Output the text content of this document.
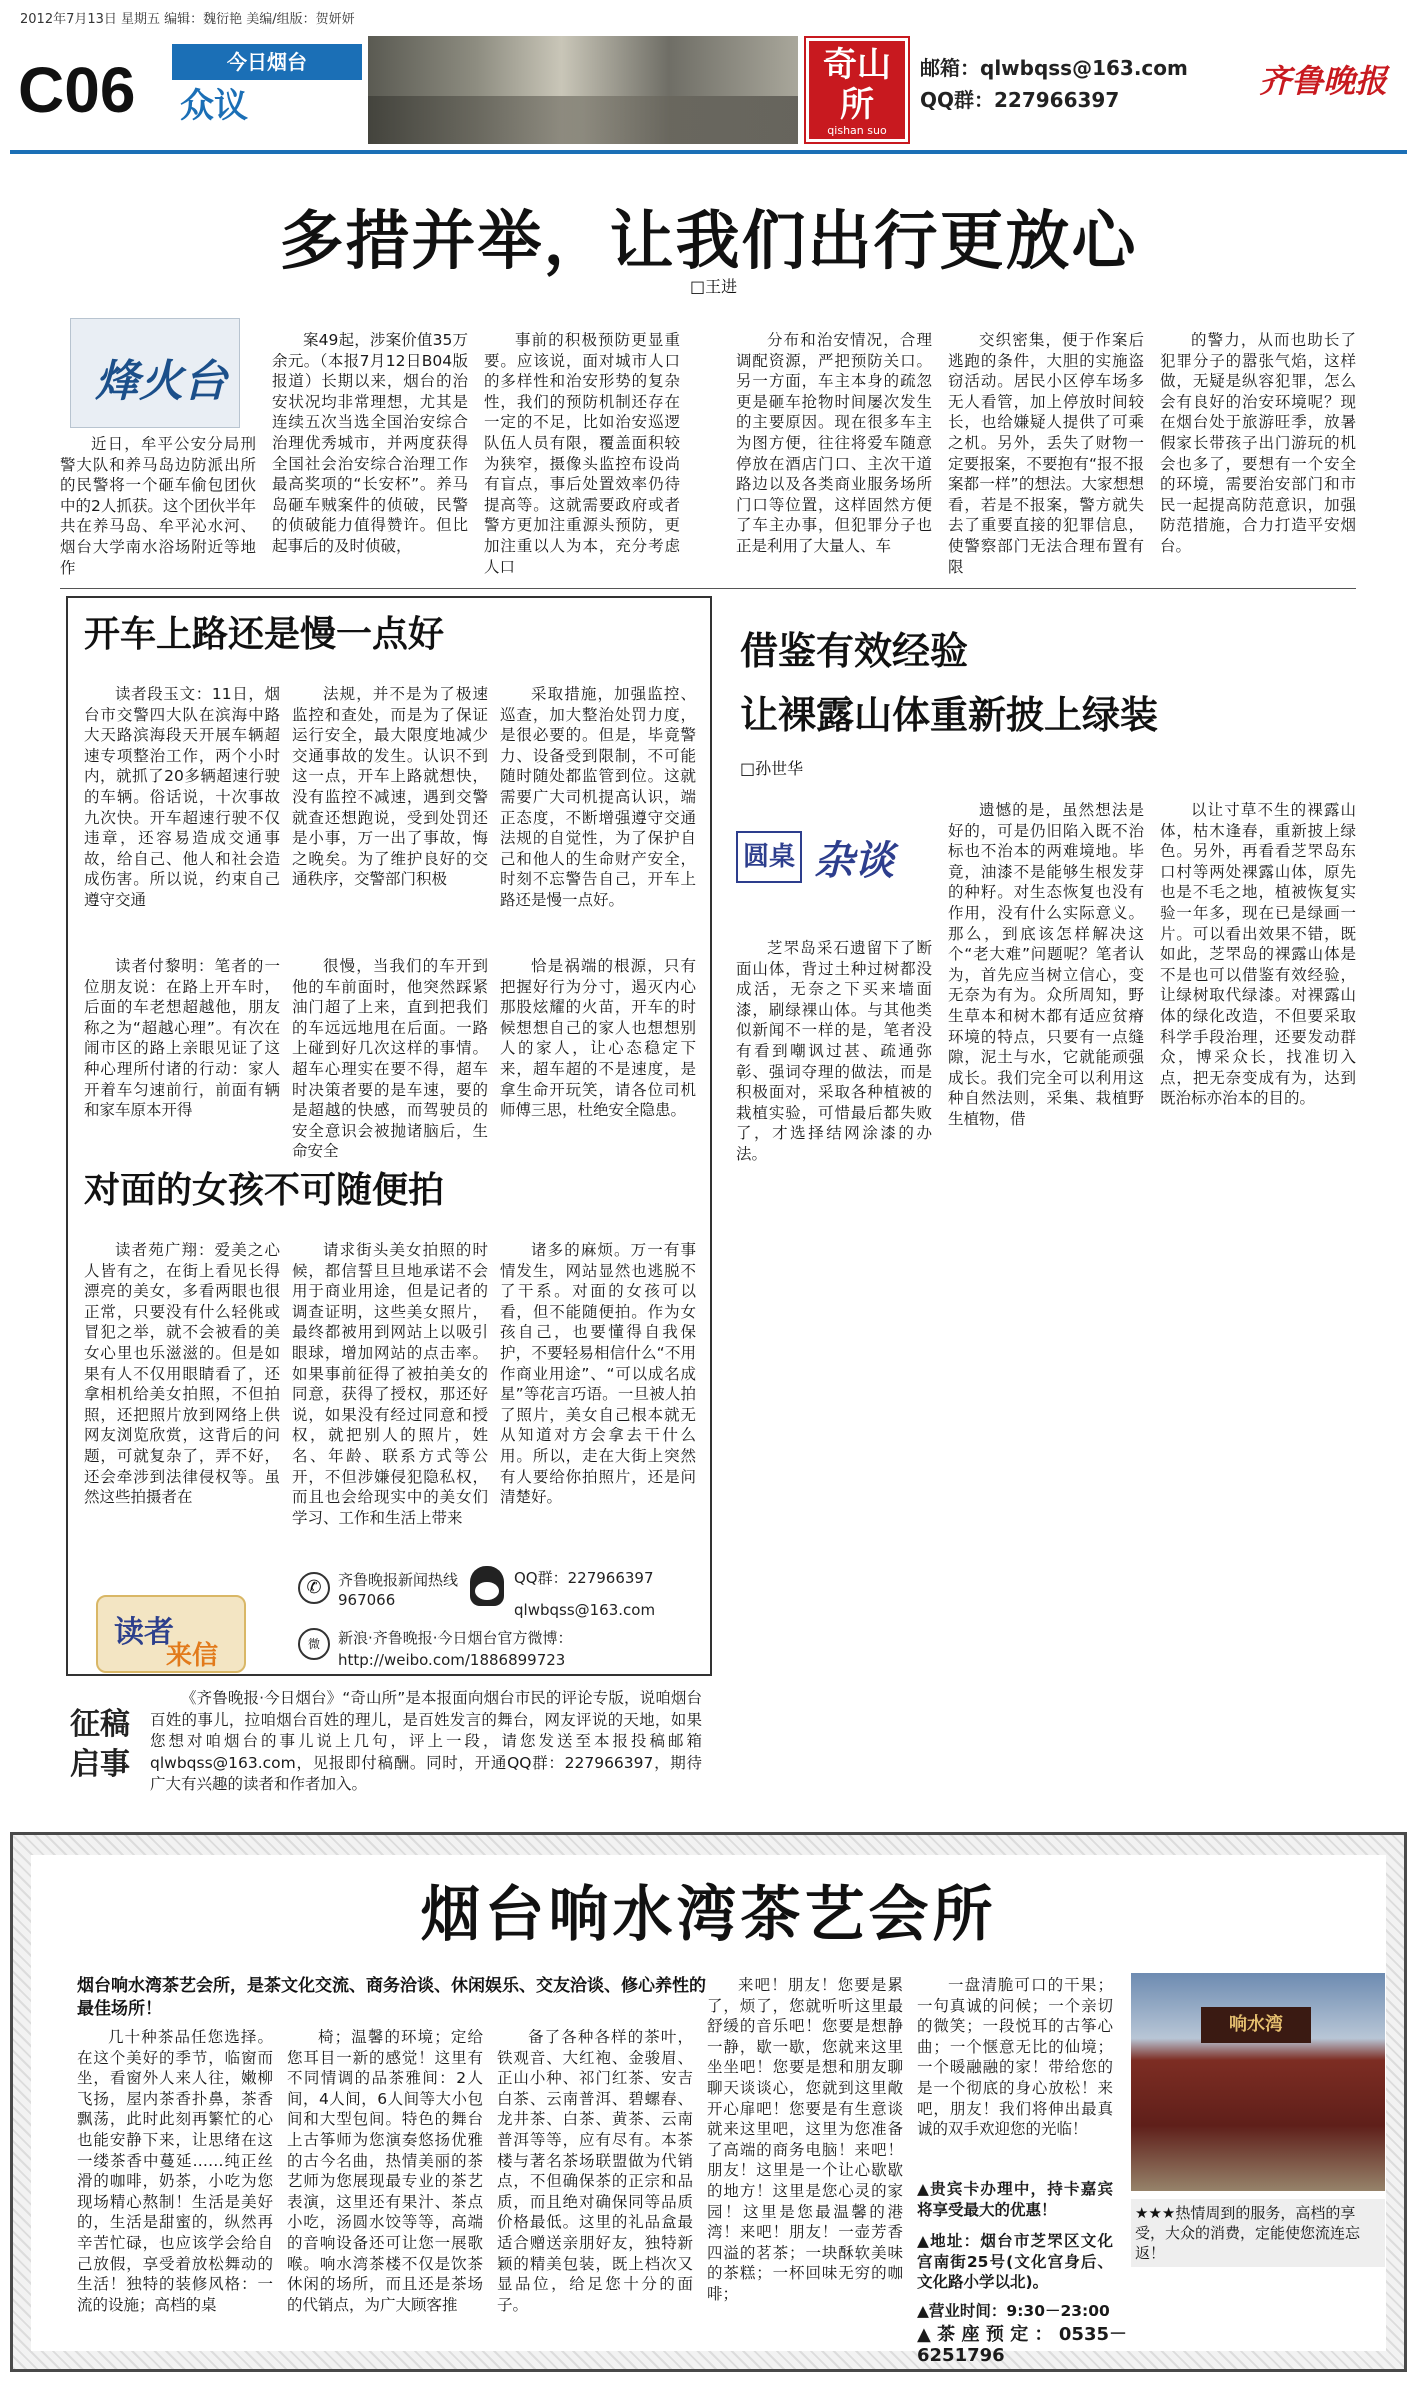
2012年7月13日 星期五 编辑：魏衍艳 美编/组版：贺妍妍
C06	今日烟台
众议
奇山所
qishan suo
邮箱：qlwbqss@163.com
QQ群：227966397	齐鲁晚报
多措并举，让我们出行更放心
□王进
烽火台

近日，牟平公安分局刑警大队和养马岛边防派出所的民警将一个砸车偷包团伙中的2人抓获。这个团伙半年共在养马岛、牟平沁水河、烟台大学南水浴场附近等地作

案49起，涉案价值35万余元。（本报7月12日B04版报道）长期以来，烟台的治安状况均非常理想，尤其是连续五次当选全国治安综合治理优秀城市，并两度获得全国社会治安综合治理工作最高奖项的“长安杯”。养马岛砸车贼案件的侦破，民警的侦破能力值得赞许。但比起事后的及时侦破，

事前的积极预防更显重要。应该说，面对城市人口的多样性和治安形势的复杂性，我们的预防机制还存在一定的不足，比如治安巡逻队伍人员有限，覆盖面积较为狭窄，摄像头监控布设尚有盲点，事后处置效率仍待提高等。这就需要政府或者警方更加注重源头预防，更加注重以人为本，充分考虑人口

分布和治安情况，合理调配资源，严把预防关口。另一方面，车主本身的疏忽更是砸车抢物时间屡次发生的主要原因。现在很多车主为图方便，往往将爱车随意停放在酒店门口、主次干道路边以及各类商业服务场所门口等位置，这样固然方便了车主办事，但犯罪分子也正是利用了大量人、车

交织密集，便于作案后逃跑的条件，大胆的实施盗窃活动。居民小区停车场多无人看管，加上停放时间较长，也给嫌疑人提供了可乘之机。另外，丢失了财物一定要报案，不要抱有“报不报案都一样”的想法。大家想想看，若是不报案，警方就失去了重要直接的犯罪信息，使警察部门无法合理布置有限

的警力，从而也助长了犯罪分子的嚣张气焰，这样做，无疑是纵容犯罪，怎么会有良好的治安环境呢？现在烟台处于旅游旺季，放暑假家长带孩子出门游玩的机会也多了，要想有一个安全的环境，需要治安部门和市民一起提高防范意识，加强防范措施，合力打造平安烟台。

开车上路还是慢一点好

读者段玉文：11日，烟台市交警四大队在滨海中路大天路滨海段天开展车辆超速专项整治工作，两个小时内，就抓了20多辆超速行驶的车辆。俗话说，十次事故九次快。开车超速行驶不仅违章，还容易造成交通事故，给自己、他人和社会造成伤害。所以说，约束自己遵守交通

法规，并不是为了极速监控和查处，而是为了保证运行安全，最大限度地减少交通事故的发生。认识不到这一点，开车上路就想快，没有监控不减速，遇到交警就查还想跑说，受到处罚还是小事，万一出了事故，悔之晚矣。为了维护良好的交通秩序，交警部门积极

采取措施，加强监控、巡查，加大整治处罚力度，是很必要的。但是，毕竟警力、设备受到限制，不可能随时随处都监管到位。这就需要广大司机提高认识，端正态度，不断增强遵守交通法规的自觉性，为了保护自己和他人的生命财产安全，时刻不忘警告自己，开车上路还是慢一点好。

读者付黎明：笔者的一位朋友说：在路上开车时，后面的车老想超越他，朋友称之为“超越心理”。有次在闹市区的路上亲眼见证了这种心理所付诸的行动：家人开着车匀速前行，前面有辆和家车原本开得

很慢，当我们的车开到他的车前面时，他突然踩紧油门超了上来，直到把我们的车远远地甩在后面。一路上碰到好几次这样的事情。超车心理实在要不得，超车时决策者要的是车速，要的是超越的快感，而驾驶员的安全意识会被抛诸脑后，生命安全

恰是祸端的根源，只有把握好行为分寸，遏灭内心那股炫耀的火苗，开车的时候想想自己的家人也想想别人的家人，让心态稳定下来，超车超的不是速度，是拿生命开玩笑，请各位司机师傅三思，杜绝安全隐患。

对面的女孩不可随便拍

读者苑广翔：爱美之心人皆有之，在街上看见长得漂亮的美女，多看两眼也很正常，只要没有什么轻佻或冒犯之举，就不会被看的美女心里也乐滋滋的。但是如果有人不仅用眼睛看了，还拿相机给美女拍照，不但拍照，还把照片放到网络上供网友浏览欣赏，这背后的问题，可就复杂了，弄不好，还会牵涉到法律侵权等。虽然这些拍摄者在

请求街头美女拍照的时候，都信誓旦旦地承诺不会用于商业用途，但是记者的调查证明，这些美女照片，最终都被用到网站上以吸引眼球，增加网站的点击率。如果事前征得了被拍美女的同意，获得了授权，那还好说，如果没有经过同意和授权，就把别人的照片，姓名、年龄、联系方式等公开，不但涉嫌侵犯隐私权，而且也会给现实中的美女们学习、工作和生活上带来

诸多的麻烦。万一有事情发生，网站显然也逃脱不了干系。对面的女孩可以看，但不能随便拍。作为女孩自己，也要懂得自我保护，不要轻易相信什么“不用作商业用途”、“可以成名成星”等花言巧语。一旦被人拍了照片，美女自己根本就无从知道对方会拿去干什么用。所以，走在大街上突然有人要给你拍照片，还是问清楚好。

读者
来信
✆	齐鲁晚报新闻热线967066
QQ群：227966397
qlwbqss@163.com
微	新浪·齐鲁晚报·今日烟台官方微博：
http://weibo.com/1886899723
征稿启事

《齐鲁晚报·今日烟台》“奇山所”是本报面向烟台市民的评论专版，说咱烟台百姓的事儿，拉咱烟台百姓的理儿，是百姓发言的舞台，网友评说的天地，如果您想对咱烟台的事儿说上几句，评上一段，请您发送至本报投稿邮箱qlwbqss@163.com，见报即付稿酬。同时，开通QQ群：227966397，期待广大有兴趣的读者和作者加入。

借鉴有效经验
让裸露山体重新披上绿装
□孙世华
圆桌 杂谈

芝罘岛采石遗留下了断面山体，背过土种过树都没成活，无奈之下买来墙面漆，刷绿裸山体。与其他类似新闻不一样的是，笔者没有看到嘲讽过甚、疏通弥彰、强词夺理的做法，而是积极面对，采取各种植被的栽植实验，可惜最后都失败了，才选择结网涂漆的办法。

遗憾的是，虽然想法是好的，可是仍旧陷入既不治标也不治本的两难境地。毕竟，油漆不是能够生根发芽的种籽。对生态恢复也没有作用，没有什么实际意义。那么，到底该怎样解决这个“老大难”问题呢？笔者认为，首先应当树立信心，变无奈为有为。众所周知，野生草本和树木都有适应贫瘠环境的特点，只要有一点缝隙，泥土与水，它就能顽强成长。我们完全可以利用这种自然法则，采集、栽植野生植物，借

以让寸草不生的裸露山体，枯木逢春，重新披上绿色。另外，再看看芝罘岛东口村等两处裸露山体，原先也是不毛之地，植被恢复实验一年多，现在已是绿画一片。可以看出效果不错，既如此，芝罘岛的裸露山体是不是也可以借鉴有效经验，让绿树取代绿漆。对裸露山体的绿化改造，不但要采取科学手段治理，还要发动群众，博采众长，找准切入点，把无奈变成有为，达到既治标亦治本的目的。

烟台响水湾茶艺会所
烟台响水湾茶艺会所，是茶文化交流、商务洽谈、休闲娱乐、交友洽谈、修心养性的最佳场所！

几十种茶品任您选择。在这个美好的季节，临窗而坐，看窗外人来人往，嫩柳飞扬，屋内茶香扑鼻，茶香飘荡，此时此刻再繁忙的心也能安静下来，让思绪在这一缕茶香中蔓延……纯正丝滑的咖啡，奶茶，小吃为您现场精心熬制！生活是美好的，生活是甜蜜的，纵然再辛苦忙碌，也应该学会给自己放假，享受着放松舞动的生活！独特的装修风格：一流的设施；高档的桌

椅；温馨的环境；定给您耳目一新的感觉！这里有不同情调的品茶雅间：2人间，4人间，6人间等大小包间和大型包间。特色的舞台上古筝师为您演奏悠扬优雅的古今名曲，热情美丽的茶艺师为您展现最专业的茶艺表演，这里还有果汁、茶点小吃，汤圆水饺等等，高端的音响设备还可让您一展歌喉。响水湾茶楼不仅是饮茶休闲的场所，而且还是茶场的代销点，为广大顾客推

备了各种各样的茶叶，铁观音、大红袍、金骏眉、正山小种、祁门红茶、安吉白茶、云南普洱、碧螺春、龙井茶、白茶、黄茶、云南普洱等等，应有尽有。本茶楼与著名茶场联盟做为代销点，不但确保茶的正宗和品质，而且绝对确保同等品质价格最低。这里的礼品盒最适合赠送亲朋好友，独特新颖的精美包装，既上档次又显品位，给足您十分的面子。

来吧！朋友！您要是累了，烦了，您就听听这里最舒缓的音乐吧！您要是想静一静，歇一歇，您就来这里坐坐吧！您要是想和朋友聊聊天谈谈心，您就到这里敞开心扉吧！您要是有生意谈就来这里吧，这里为您准备了高端的商务电脑！来吧！朋友！这里是一个让心歇歇的地方！这里是您心灵的家园！这里是您最温馨的港湾！来吧！朋友！一壶芳香四溢的茗茶；一块酥软美味的茶糕；一杯回味无穷的咖啡；

一盘清脆可口的干果；一句真诚的问候；一个亲切的微笑；一段悦耳的古筝心曲；一个惬意无比的仙境；一个暖融融的家！带给您的是一个彻底的身心放松！来吧，朋友！我们将伸出最真诚的双手欢迎您的光临！

▲贵宾卡办理中，持卡嘉宾将享受最大的优惠！
▲地址：烟台市芝罘区文化宫南街25号(文化宫身后、文化路小学以北)。
▲营业时间：9:30－23:00
▲茶座预定：0535－6251796
响水湾
★★★热情周到的服务，高档的享受，大众的消费，定能使您流连忘返！
